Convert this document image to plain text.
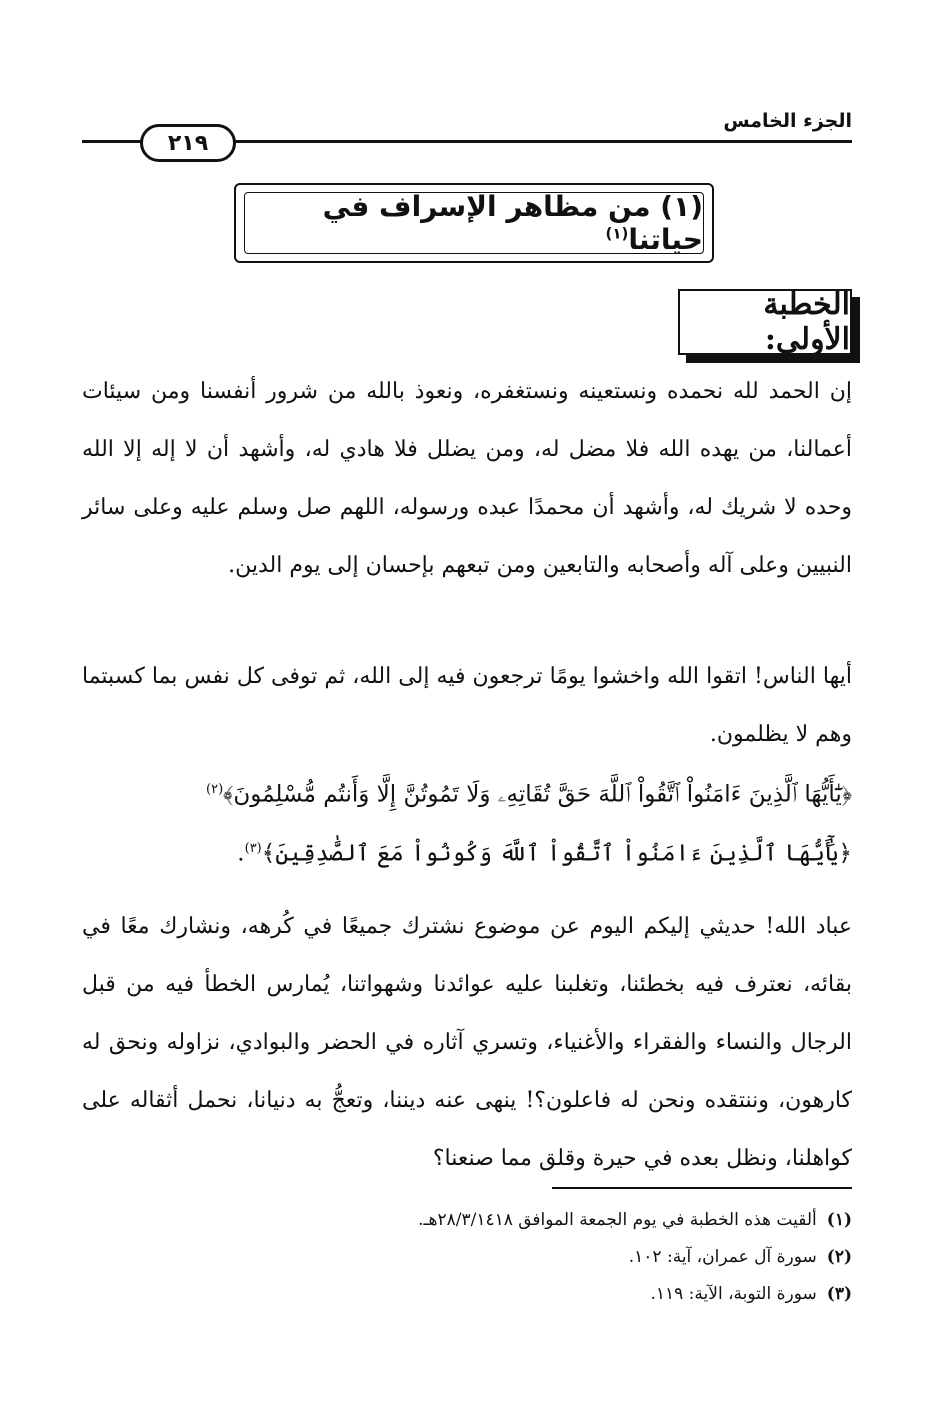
الجزء الخامس
٢١٩
(١) من مظاهر الإسراف في حياتنا$^{(١)}$
الخطبة الأولى:

إن الحمد لله نحمده ونستعينه ونستغفره، ونعوذ بالله من شرور أنفسنا ومن سيئات أعمالنا، من يهده الله فلا مضل له، ومن يضلل فلا هادي له، وأشهد أن لا إله إلا الله وحده لا شريك له، وأشهد أن محمدًا عبده ورسوله، اللهم صل وسلم عليه وعلى سائر النبيين وعلى آله وأصحابه والتابعين ومن تبعهم بإحسان إلى يوم الدين.

أيها الناس! اتقوا الله واخشوا يومًا ترجعون فيه إلى الله، ثم توفى كل نفس بما كسبتما وهم لا يظلمون.

﴿يَٰٓأَيُّهَا ٱلَّذِينَ ءَامَنُواْ ٱتَّقُواْ ٱللَّهَ حَقَّ تُقَاتِهِۦ وَلَا تَمُوتُنَّ إِلَّا وَأَنتُم مُّسْلِمُونَ﴾$^{(٢)}$
﴿يَٰٓأَيُّهَا ٱلَّذِينَ ءَامَنُواْ ٱتَّقُواْ ٱللَّهَ وَكُونُواْ مَعَ ٱلصَّٰدِقِينَ﴾$^{(٣)}$.

عباد الله! حديثي إليكم اليوم عن موضوع نشترك جميعًا في كُرهه، ونشارك معًا في بقائه، نعترف فيه بخطئنا، وتغلبنا عليه عوائدنا وشهواتنا، يُمارس الخطأ فيه من قبل الرجال والنساء والفقراء والأغنياء، وتسري آثاره في الحضر والبوادي، نزاوله ونحق له كارهون، وننتقده ونحن له فاعلون؟! ينهى عنه ديننا، وتعجُّ به دنيانا، نحمل أثقاله على كواهلنا، ونظل بعده في حيرة وقلق مما صنعنا؟

(١)ألقيت هذه الخطبة في يوم الجمعة الموافق ٢٨/٣/١٤١٨هـ.
(٢)سورة آل عمران، آية: ١٠٢.
(٣)سورة التوبة، الآية: ١١٩.
